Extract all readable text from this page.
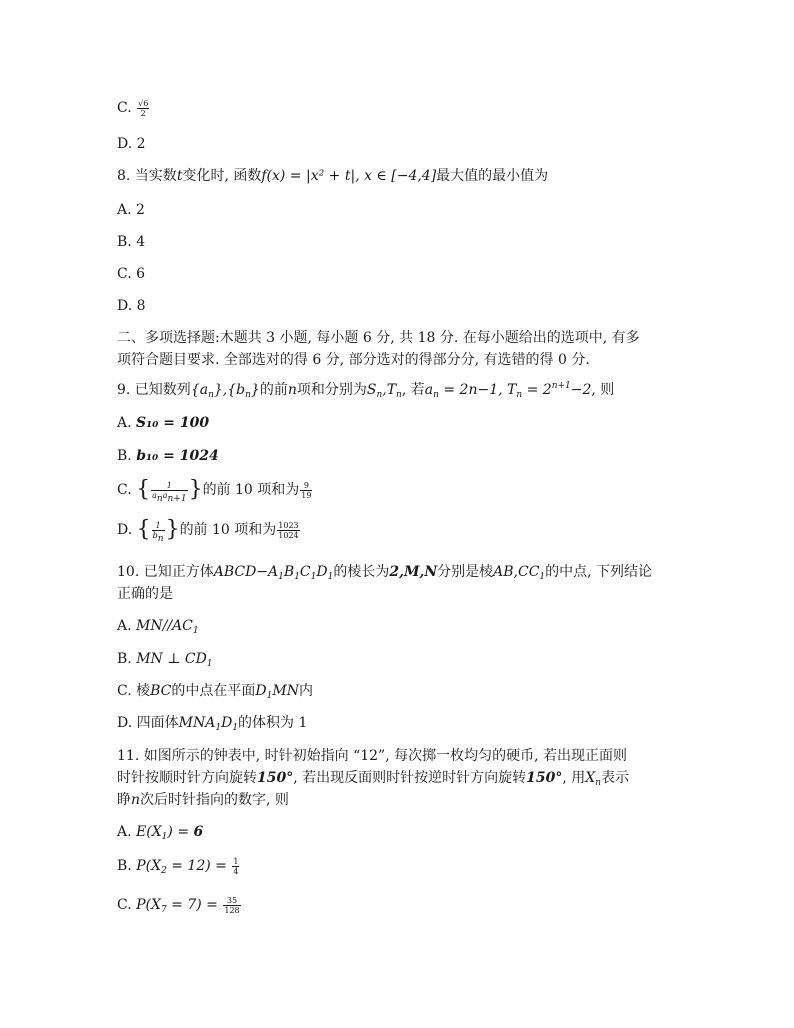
C. $\frac{√6}{2}$
D. 2
8. 当实数t变化时, 函数f(x) = |x² + t|, x ∈ [−4,4]最大值的最小值为
A. 2
B. 4
C. 6
D. 8
二、多项选择题:木题共 3 小题, 每小题 6 分, 共 18 分. 在每小题给出的选项中, 有多
项符合题目要求. 全部选对的得 6 分, 部分选对的得部分分, 有选错的得 0 分.
9. 已知数列$\{a_n\},\{b_n\}$的前n项和分别为$S_n,T_n$, 若$a_n = 2n-1$, $T_n = 2^{n+1}-2$, 则
A. S₁₀ = 100
B. b₁₀ = 1024
C. { $\frac{1}{a_na_{n+1}}$ }的前 10 项和为 $\frac{9}{19}$
D. { $\frac{1}{b_n}$ }的前 10 项和为 $\frac{1023}{1024}$
10. 已知正方体$ABCD-A_1B_1C_1D_1$的棱长为2,M,N分别是棱$AB,CC_1$的中点, 下列结论
正确的是
A. $MN//AC_1$
B. MN ⊥ $CD_1$
C. 棱BC的中点在平面$D_1MN$内
D. 四面体$MNA_1D_1$的体积为 1
11. 如图所示的钟表中, 时针初始指向 “12”, 每次掷一枚均匀的硬币, 若出现正面则
时针按顺时针方向旋转150°, 若出现反面则时针按逆时针方向旋转150°, 用$X_n$表示
睁n次后时针指向的数字, 则
A. $E(X_1) = 6$
B. $P(X_2 = 12) = \frac{1}{4}$
C. $P(X_7 = 7) = \frac{35}{128}$
